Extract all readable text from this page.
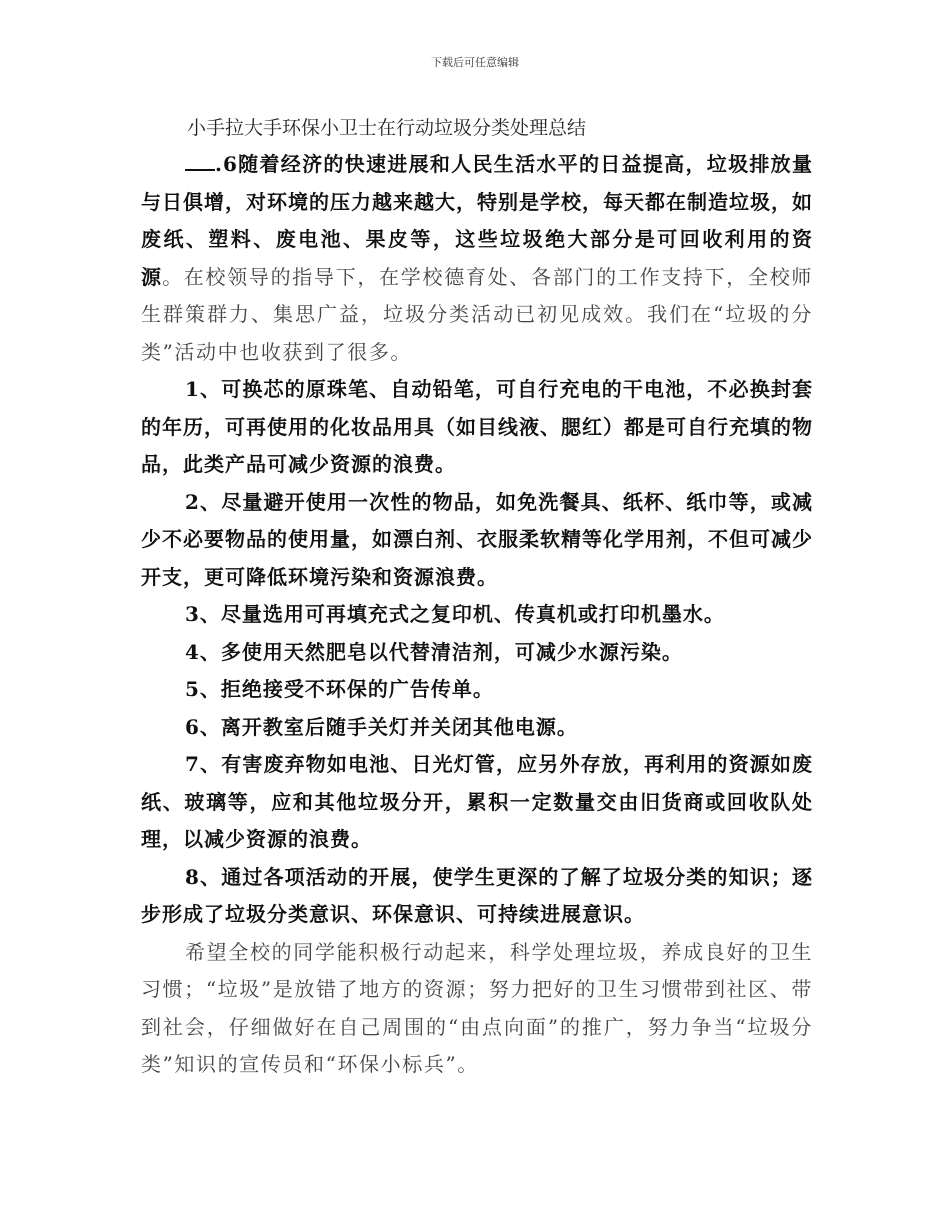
下载后可任意编辑
小手拉大手环保小卫士在行动垃圾分类处理总结

.6随着经济的快速进展和人民生活水平的日益提高，垃圾排放量与日俱增，对环境的压力越来越大，特别是学校，每天都在制造垃圾，如废纸、塑料、废电池、果皮等，这些垃圾绝大部分是可回收利用的资源。在校领导的指导下，在学校德育处、各部门的工作支持下，全校师生群策群力、集思广益，垃圾分类活动已初见成效。我们在“垃圾的分类”活动中也收获到了很多。

1、可换芯的原珠笔、自动铅笔，可自行充电的干电池，不必换封套的年历，可再使用的化妆品用具（如目线液、腮红）都是可自行充填的物品，此类产品可减少资源的浪费。

2、尽量避开使用一次性的物品，如免洗餐具、纸杯、纸巾等，或减少不必要物品的使用量，如漂白剂、衣服柔软精等化学用剂，不但可减少开支，更可降低环境污染和资源浪费。

3、尽量选用可再填充式之复印机、传真机或打印机墨水。

4、多使用天然肥皂以代替清洁剂，可减少水源污染。

5、拒绝接受不环保的广告传单。

6、离开教室后随手关灯并关闭其他电源。

7、有害废弃物如电池、日光灯管，应另外存放，再利用的资源如废纸、玻璃等，应和其他垃圾分开，累积一定数量交由旧货商或回收队处理，以减少资源的浪费。

8、通过各项活动的开展，使学生更深的了解了垃圾分类的知识；逐步形成了垃圾分类意识、环保意识、可持续进展意识。

希望全校的同学能积极行动起来，科学处理垃圾，养成良好的卫生习惯；“垃圾”是放错了地方的资源；努力把好的卫生习惯带到社区、带到社会，仔细做好在自己周围的“由点向面”的推广，努力争当“垃圾分类”知识的宣传员和“环保小标兵”。
